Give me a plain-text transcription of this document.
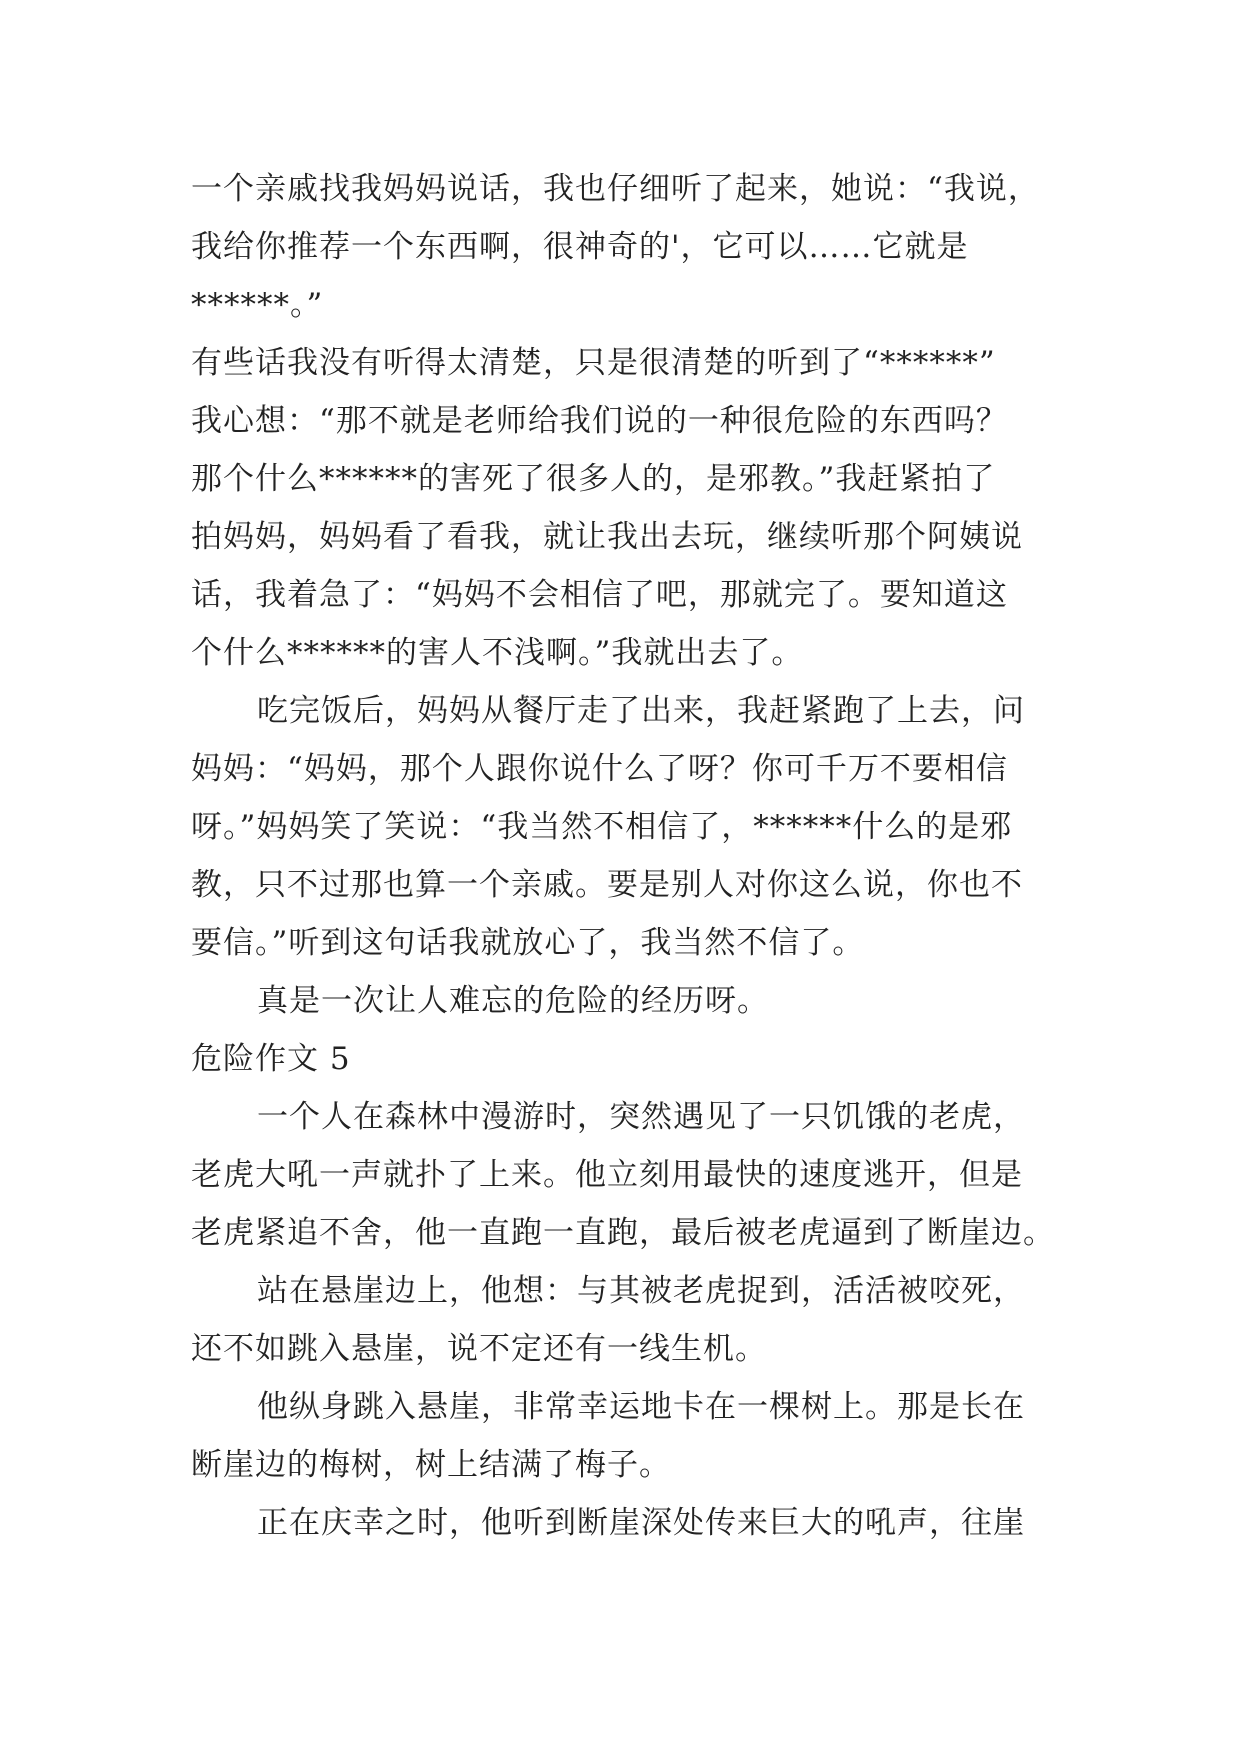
一个亲戚找我妈妈说话，我也仔细听了起来，她说：“我说，
我给你推荐一个东西啊，很神奇的'，它可以……它就是
******。”
有些话我没有听得太清楚，只是很清楚的听到了“******”
我心想：“那不就是老师给我们说的一种很危险的东西吗？
那个什么******的害死了很多人的，是邪教。”我赶紧拍了
拍妈妈，妈妈看了看我，就让我出去玩，继续听那个阿姨说
话，我着急了：“妈妈不会相信了吧，那就完了。要知道这
个什么******的害人不浅啊。”我就出去了。
吃完饭后，妈妈从餐厅走了出来，我赶紧跑了上去，问
妈妈：“妈妈，那个人跟你说什么了呀？你可千万不要相信
呀。”妈妈笑了笑说：“我当然不相信了，******什么的是邪
教，只不过那也算一个亲戚。要是别人对你这么说，你也不
要信。”听到这句话我就放心了，我当然不信了。
真是一次让人难忘的危险的经历呀。
危险作文 5
一个人在森林中漫游时，突然遇见了一只饥饿的老虎，
老虎大吼一声就扑了上来。他立刻用最快的速度逃开，但是
老虎紧追不舍，他一直跑一直跑，最后被老虎逼到了断崖边。
站在悬崖边上，他想：与其被老虎捉到，活活被咬死，
还不如跳入悬崖，说不定还有一线生机。
他纵身跳入悬崖，非常幸运地卡在一棵树上。那是长在
断崖边的梅树，树上结满了梅子。
正在庆幸之时，他听到断崖深处传来巨大的吼声，往崖
